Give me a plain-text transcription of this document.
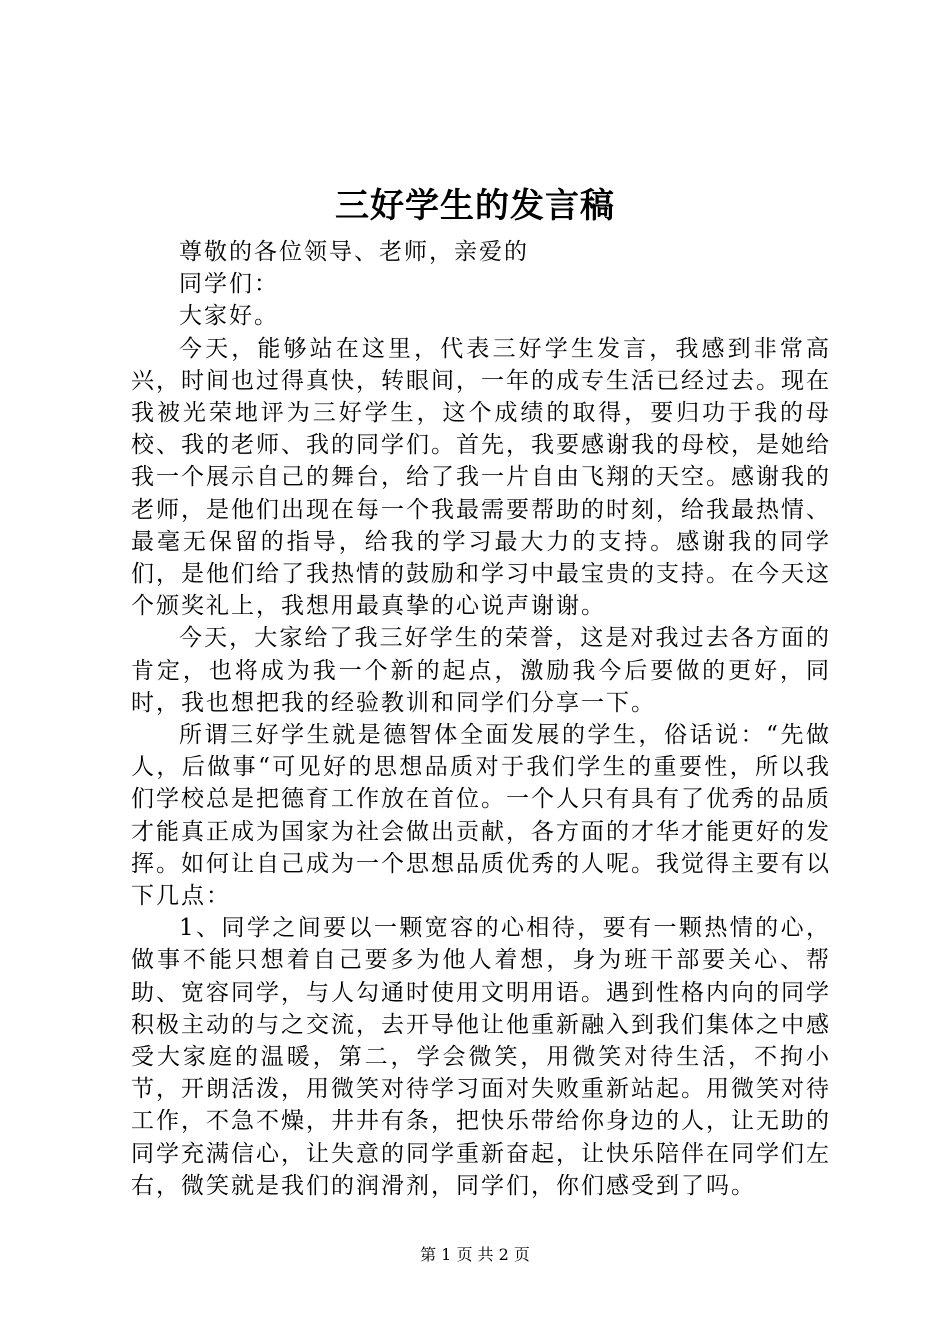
三好学生的发言稿

尊敬的各位领导、老师，亲爱的

同学们：

大家好。

今天，能够站在这里，代表三好学生发言，我感到非常高兴，时间也过得真快，转眼间，一年的成专生活已经过去。现在我被光荣地评为三好学生，这个成绩的取得，要归功于我的母校、我的老师、我的同学们。首先，我要感谢我的母校，是她给我一个展示自己的舞台，给了我一片自由飞翔的天空。感谢我的老师，是他们出现在每一个我最需要帮助的时刻，给我最热情、最毫无保留的指导，给我的学习最大力的支持。感谢我的同学们，是他们给了我热情的鼓励和学习中最宝贵的支持。在今天这个颁奖礼上，我想用最真挚的心说声谢谢。

今天，大家给了我三好学生的荣誉，这是对我过去各方面的肯定，也将成为我一个新的起点，激励我今后要做的更好，同时，我也想把我的经验教训和同学们分享一下。

所谓三好学生就是德智体全面发展的学生，俗话说：“先做人，后做事“可见好的思想品质对于我们学生的重要性，所以我们学校总是把德育工作放在首位。一个人只有具有了优秀的品质才能真正成为国家为社会做出贡献，各方面的才华才能更好的发挥。如何让自己成为一个思想品质优秀的人呢。我觉得主要有以下几点：

1、同学之间要以一颗宽容的心相待，要有一颗热情的心，做事不能只想着自己要多为他人着想，身为班干部要关心、帮助、宽容同学，与人勾通时使用文明用语。遇到性格内向的同学积极主动的与之交流，去开导他让他重新融入到我们集体之中感受大家庭的温暖，第二，学会微笑，用微笑对待生活，不拘小节，开朗活泼，用微笑对待学习面对失败重新站起。用微笑对待工作，不急不燥，井井有条，把快乐带给你身边的人，让无助的同学充满信心，让失意的同学重新奋起，让快乐陪伴在同学们左右，微笑就是我们的润滑剂，同学们，你们感受到了吗。

第 1 页 共 2 页
